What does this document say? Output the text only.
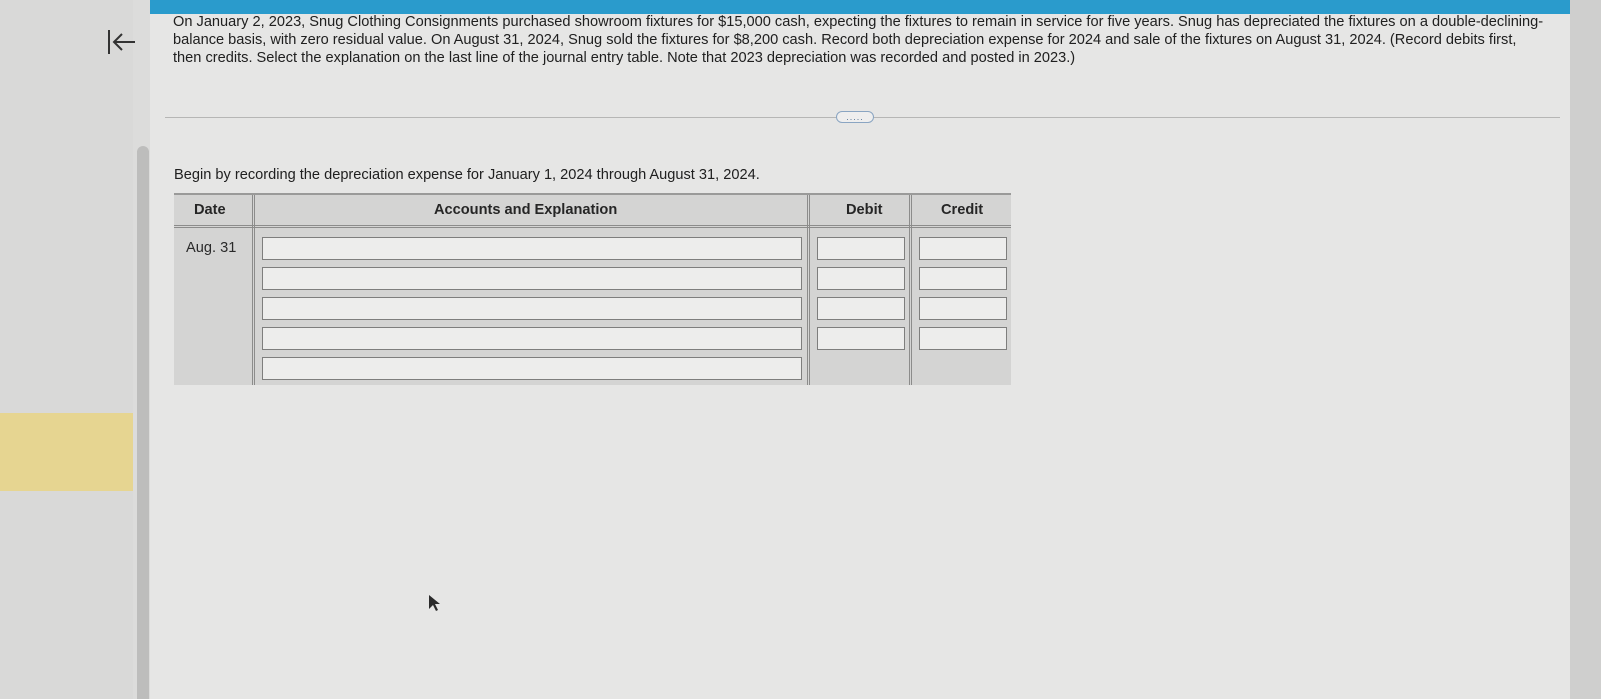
On January 2, 2023, Snug Clothing Consignments purchased showroom fixtures for $15,000 cash, expecting the fixtures to remain in service for five years. Snug has depreciated the fixtures on a double-declining-balance basis, with zero residual value. On August 31, 2024, Snug sold the fixtures for $8,200 cash. Record both depreciation expense for 2024 and sale of the fixtures on August 31, 2024. (Record debits first, then credits. Select the explanation on the last line of the journal entry table. Note that 2023 depreciation was recorded and posted in 2023.)

.....
Begin by recording the depreciation expense for January 1, 2024 through August 31, 2024.
Date	Accounts and Explanation	Debit	Credit
Aug. 31
